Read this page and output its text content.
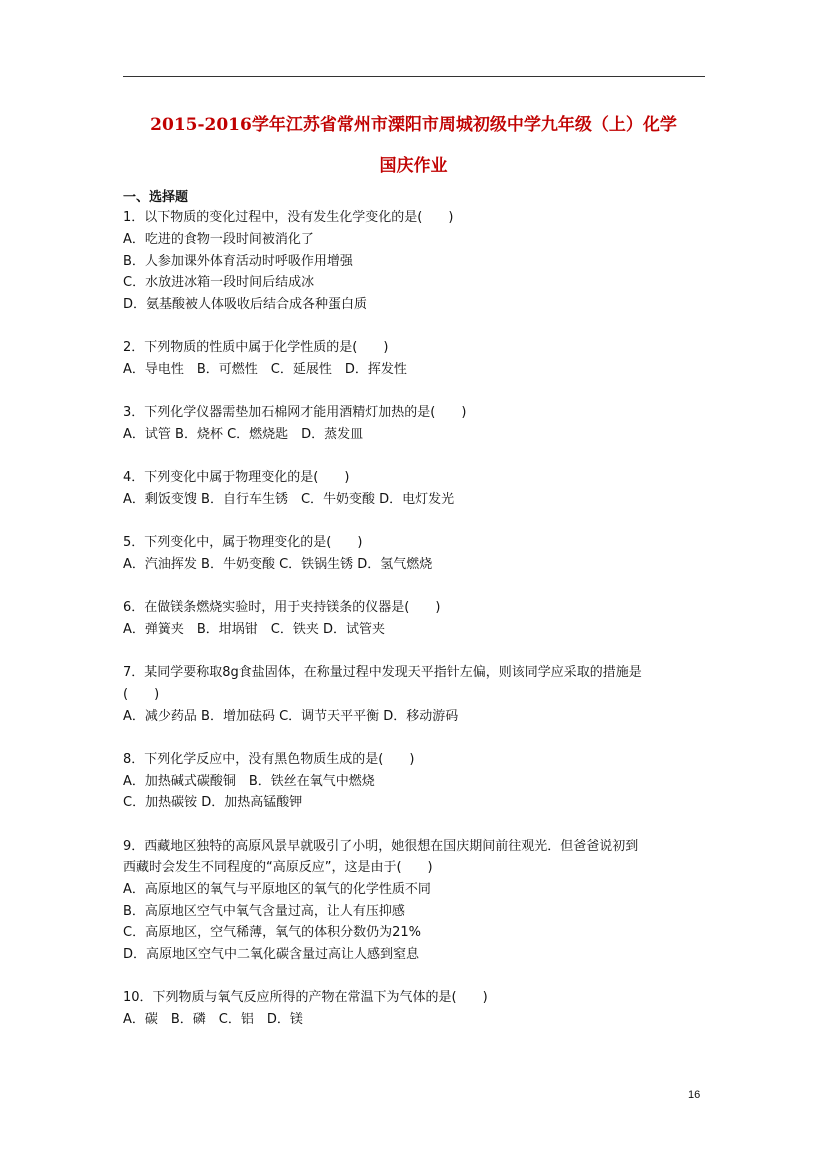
2015-2016学年江苏省常州市溧阳市周城初级中学九年级（上）化学
国庆作业
一、选择题
1．以下物质的变化过程中，没有发生化学变化的是(　　)
A．吃进的食物一段时间被消化了
B．人参加课外体育活动时呼吸作用增强
C．水放进冰箱一段时间后结成冰
D．氨基酸被人体吸收后结合成各种蛋白质
2．下列物质的性质中属于化学性质的是(　　)
A．导电性　B．可燃性　C．延展性　D．挥发性
3．下列化学仪器需垫加石棉网才能用酒精灯加热的是(　　)
A．试管 B．烧杯 C．燃烧匙　D．蒸发皿
4．下列变化中属于物理变化的是(　　)
A．剩饭变馊 B．自行车生锈　C．牛奶变酸 D．电灯发光
5．下列变化中，属于物理变化的是(　　)
A．汽油挥发 B．牛奶变酸 C．铁锅生锈 D．氢气燃烧
6．在做镁条燃烧实验时，用于夹持镁条的仪器是(　　)
A．弹簧夹　B．坩埚钳　C．铁夹 D．试管夹
7．某同学要称取8g食盐固体，在称量过程中发现天平指针左偏，则该同学应采取的措施是
(　　)
A．减少药品 B．增加砝码 C．调节天平平衡 D．移动游码
8．下列化学反应中，没有黑色物质生成的是(　　)
A．加热碱式碳酸铜　B．铁丝在氧气中燃烧
C．加热碳铵 D．加热高锰酸钾
9．西藏地区独特的高原风景早就吸引了小明，她很想在国庆期间前往观光．但爸爸说初到
西藏时会发生不同程度的“高原反应”，这是由于(　　)
A．高原地区的氧气与平原地区的氧气的化学性质不同
B．高原地区空气中氧气含量过高，让人有压抑感
C．高原地区，空气稀薄，氧气的体积分数仍为21%
D．高原地区空气中二氧化碳含量过高让人感到窒息
10．下列物质与氧气反应所得的产物在常温下为气体的是(　　)
A．碳　B．磷　C．铝　D．镁
16
